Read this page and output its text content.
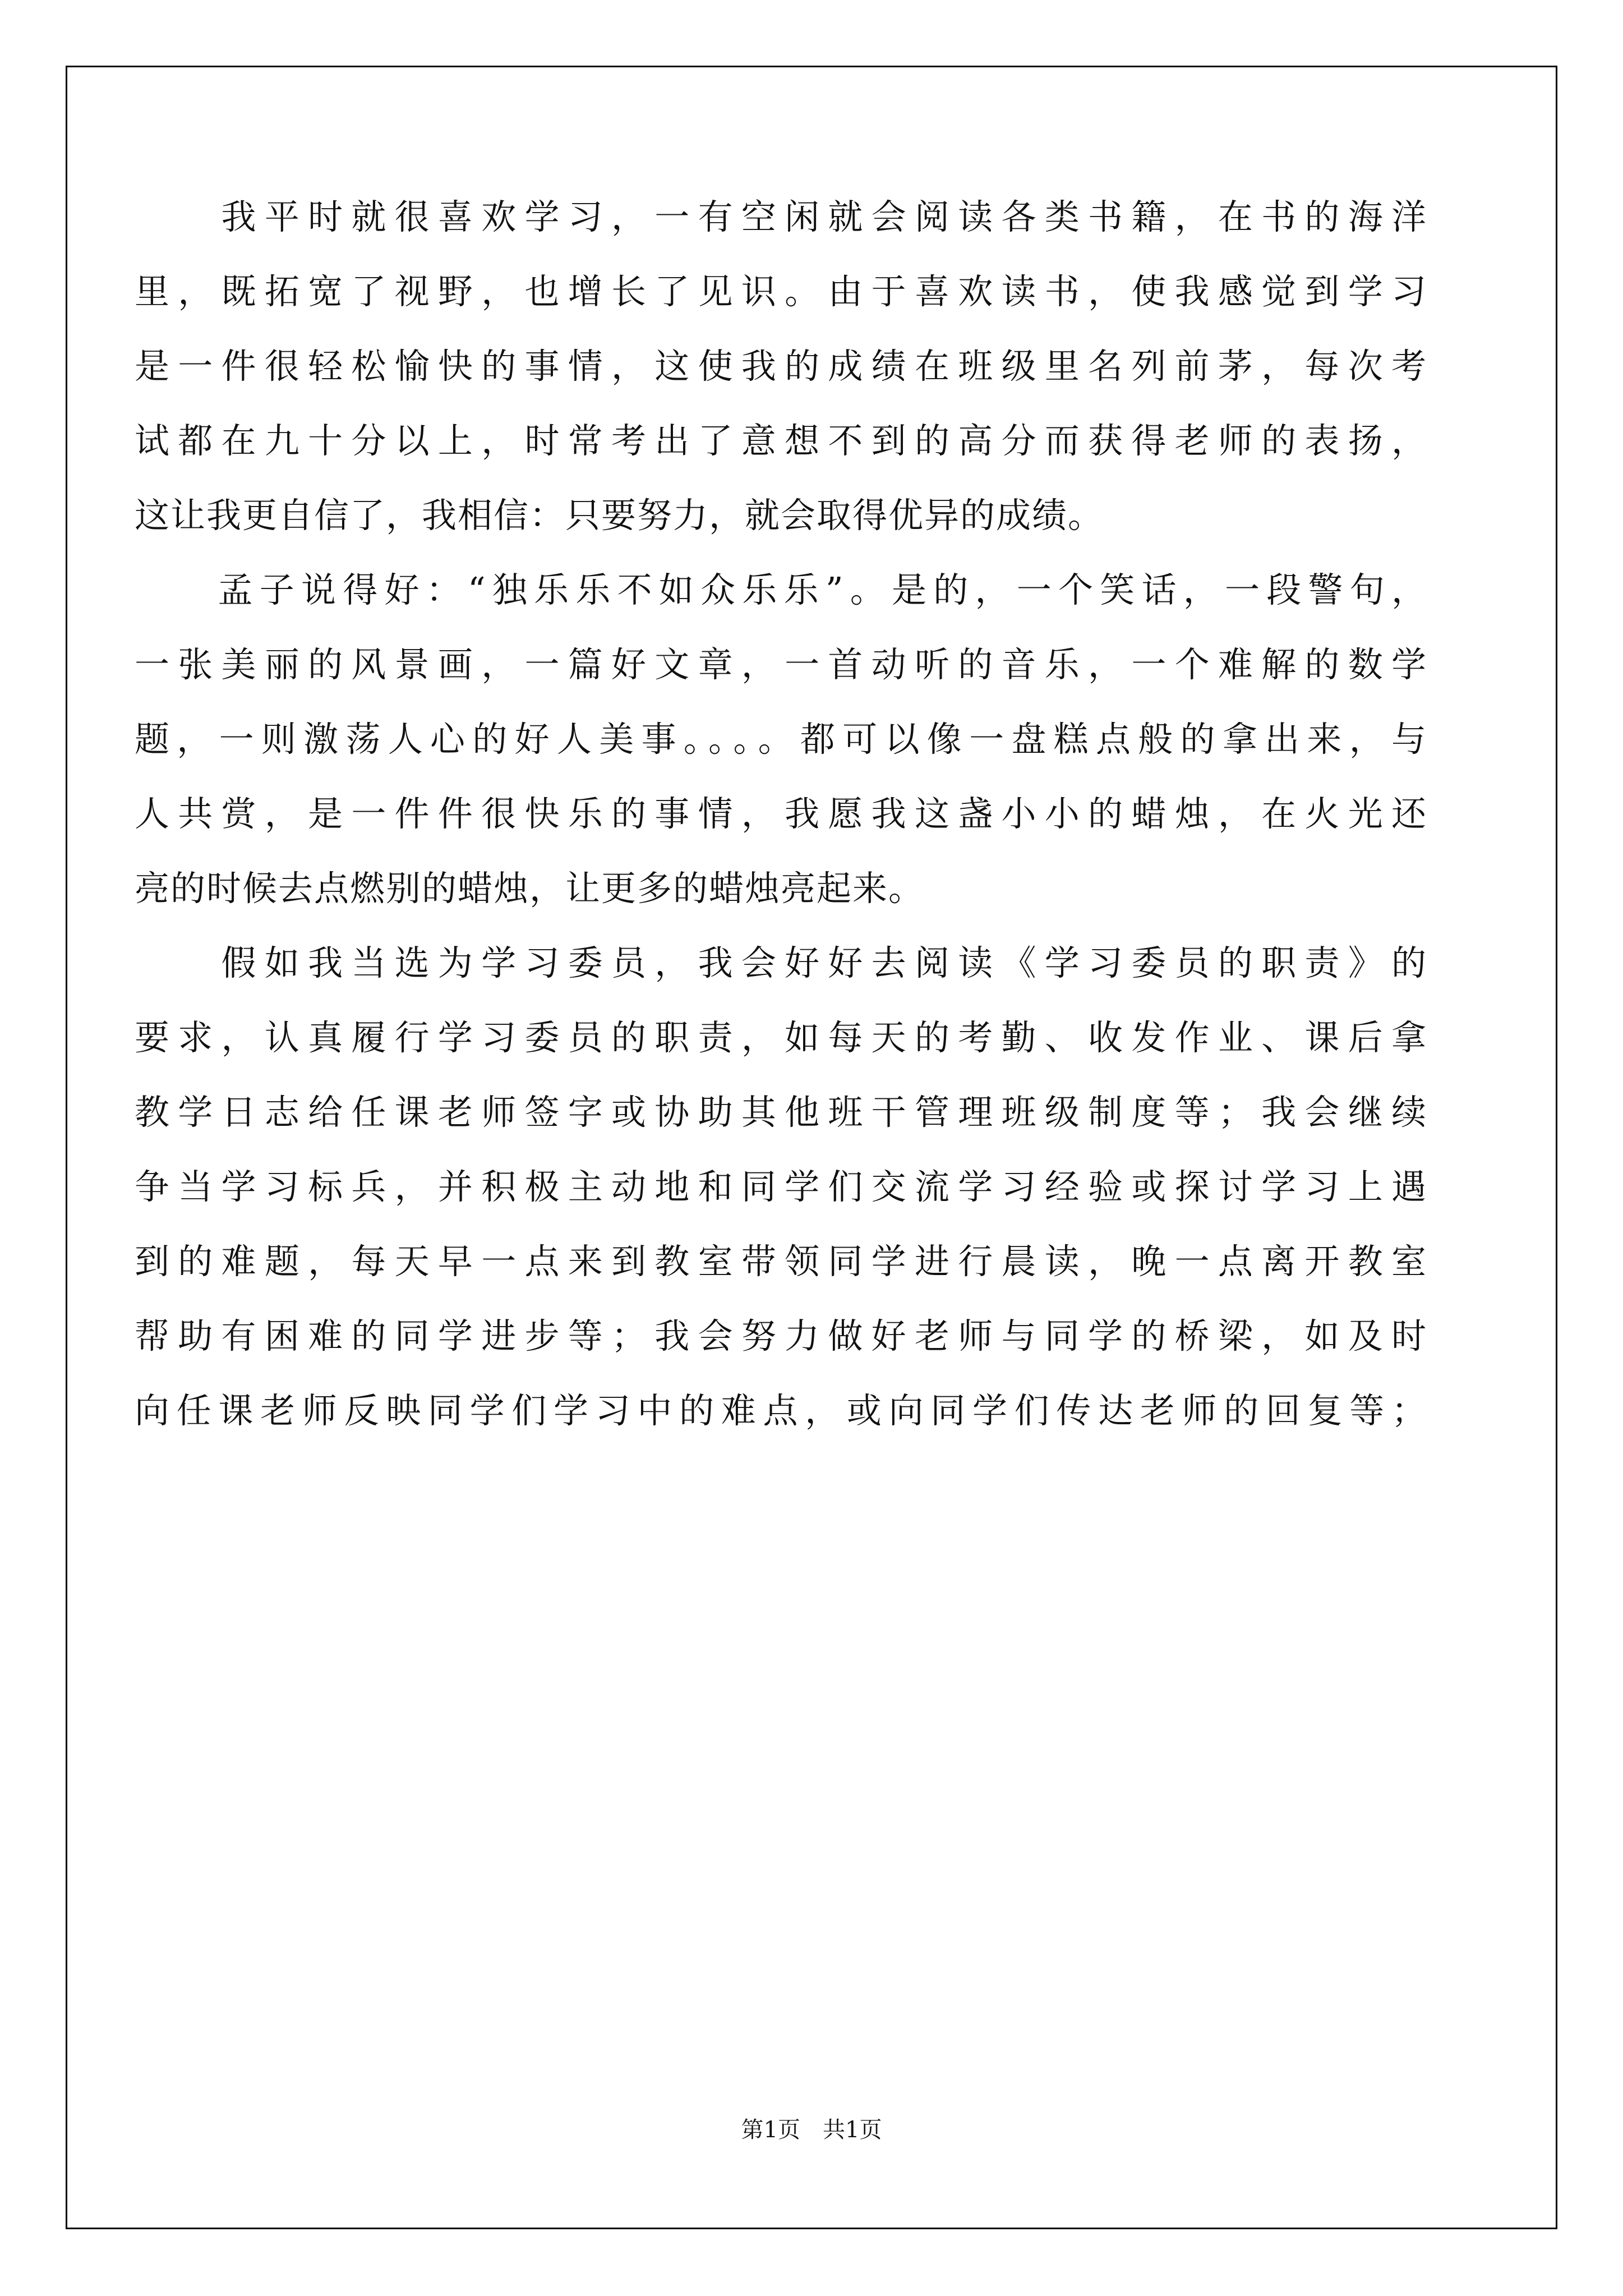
　　我平时就很喜欢学习，一有空闲就会阅读各类书籍，在书的海洋
里，既拓宽了视野，也增长了见识。由于喜欢读书，使我感觉到学习
是一件很轻松愉快的事情，这使我的成绩在班级里名列前茅，每次考
试都在九十分以上，时常考出了意想不到的高分而获得老师的表扬，
这让我更自信了，我相信：只要努力，就会取得优异的成绩。
　　孟子说得好：“独乐乐不如众乐乐”。是的，一个笑话，一段警句，
一张美丽的风景画，一篇好文章，一首动听的音乐，一个难解的数学
题，一则激荡人心的好人美事。。。。都可以像一盘糕点般的拿出来，与
人共赏，是一件件很快乐的事情，我愿我这盏小小的蜡烛，在火光还
亮的时候去点燃别的蜡烛，让更多的蜡烛亮起来。
　　假如我当选为学习委员，我会好好去阅读《学习委员的职责》的
要求，认真履行学习委员的职责，如每天的考勤、收发作业、课后拿
教学日志给任课老师签字或协助其他班干管理班级制度等；我会继续
争当学习标兵，并积极主动地和同学们交流学习经验或探讨学习上遇
到的难题，每天早一点来到教室带领同学进行晨读，晚一点离开教室
帮助有困难的同学进步等；我会努力做好老师与同学的桥梁，如及时
向任课老师反映同学们学习中的难点，或向同学们传达老师的回复等；
第1页　共1页
